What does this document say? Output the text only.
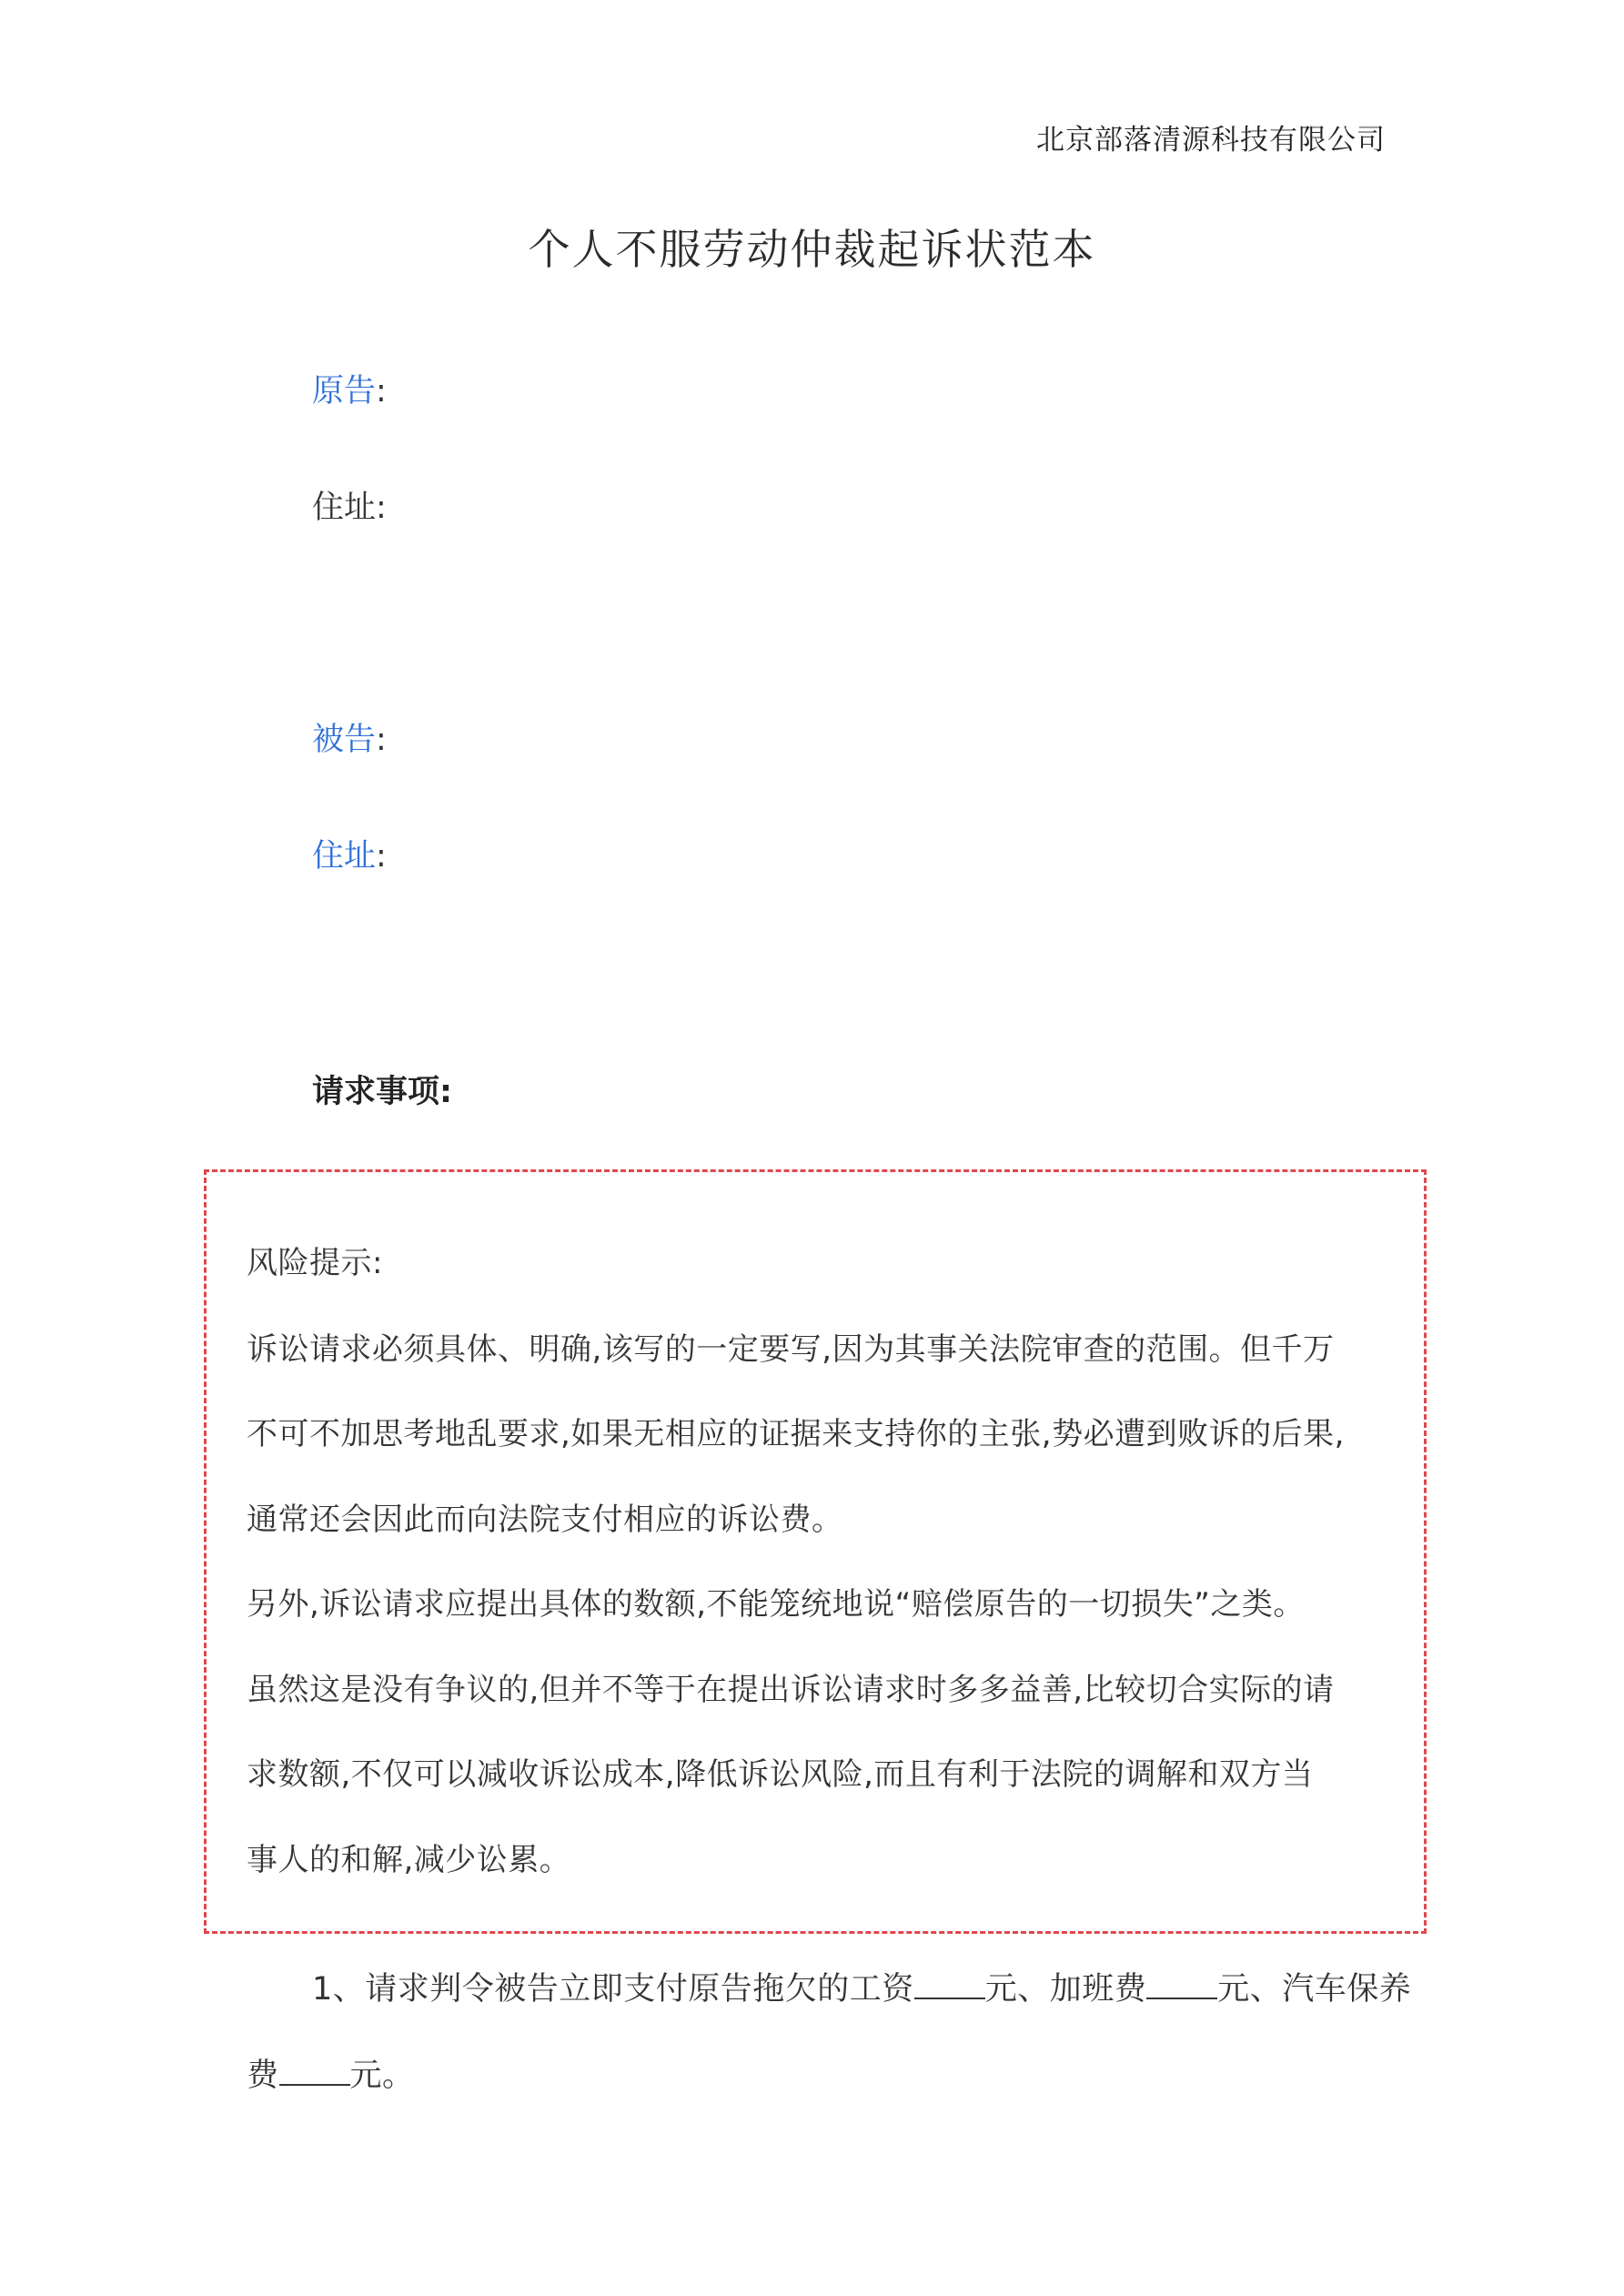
北京部落清源科技有限公司
个人不服劳动仲裁起诉状范本
原告:
住址:
被告:
住址:
请求事项:
风险提示:
诉讼请求必须具体、明确,该写的一定要写,因为其事关法院审查的范围。但千万
不可不加思考地乱要求,如果无相应的证据来支持你的主张,势必遭到败诉的后果,
通常还会因此而向法院支付相应的诉讼费。
另外,诉讼请求应提出具体的数额,不能笼统地说“赔偿原告的一切损失”之类。
虽然这是没有争议的,但并不等于在提出诉讼请求时多多益善,比较切合实际的请
求数额,不仅可以减收诉讼成本,降低诉讼风险,而且有利于法院的调解和双方当
事人的和解,减少讼累。
1、请求判令被告立即支付原告拖欠的工资 元、加班费 元、汽车保养
费 元。
